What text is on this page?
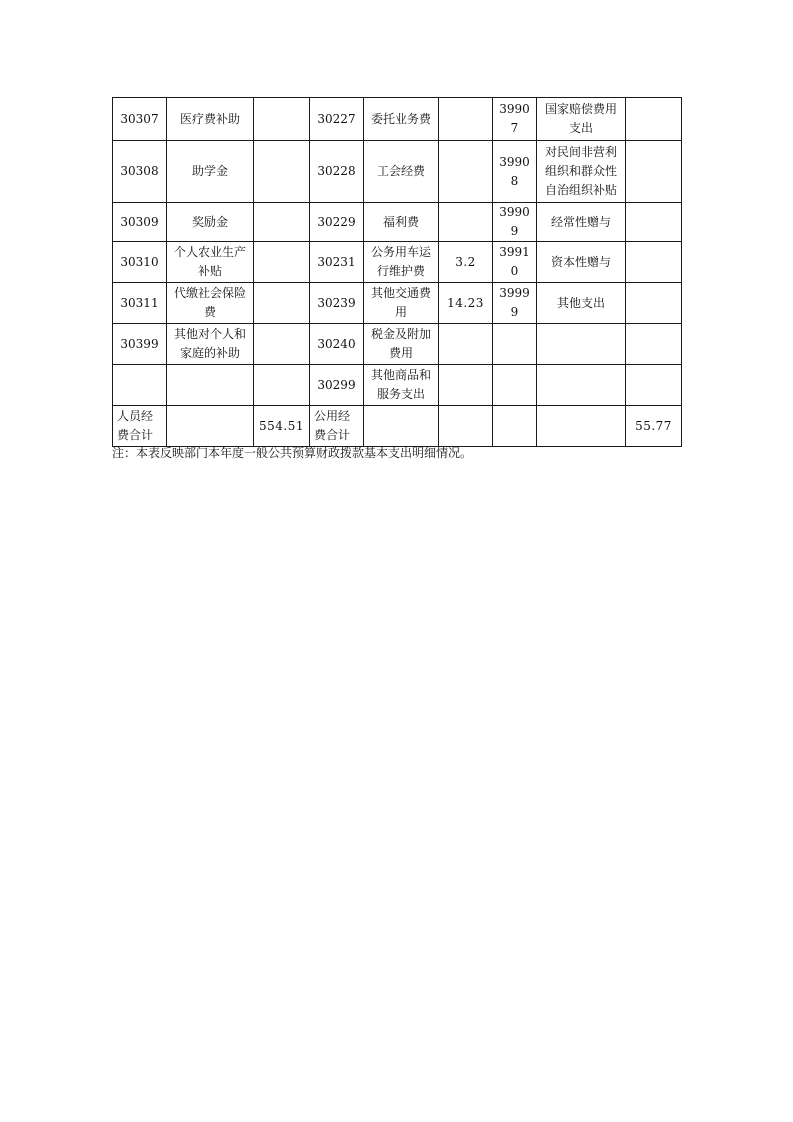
30307	医疗费补助		30227	委托业务费		39907	国家赔偿费用支出	
30308	助学金		30228	工会经费		39908	对民间非营利组织和群众性自治组织补贴	
30309	奖励金		30229	福利费		39909	经常性赠与	
30310	个人农业生产补贴		30231	公务用车运行维护费	3.2	39910	资本性赠与	
30311	代缴社会保险费		30239	其他交通费用	14.23	39999	其他支出	
30399	其他对个人和家庭的补助		30240	税金及附加费用				
			30299	其他商品和服务支出				
人员经费合计		554.51	公用经费合计					55.77
注：本表反映部门本年度一般公共预算财政拨款基本支出明细情况。
